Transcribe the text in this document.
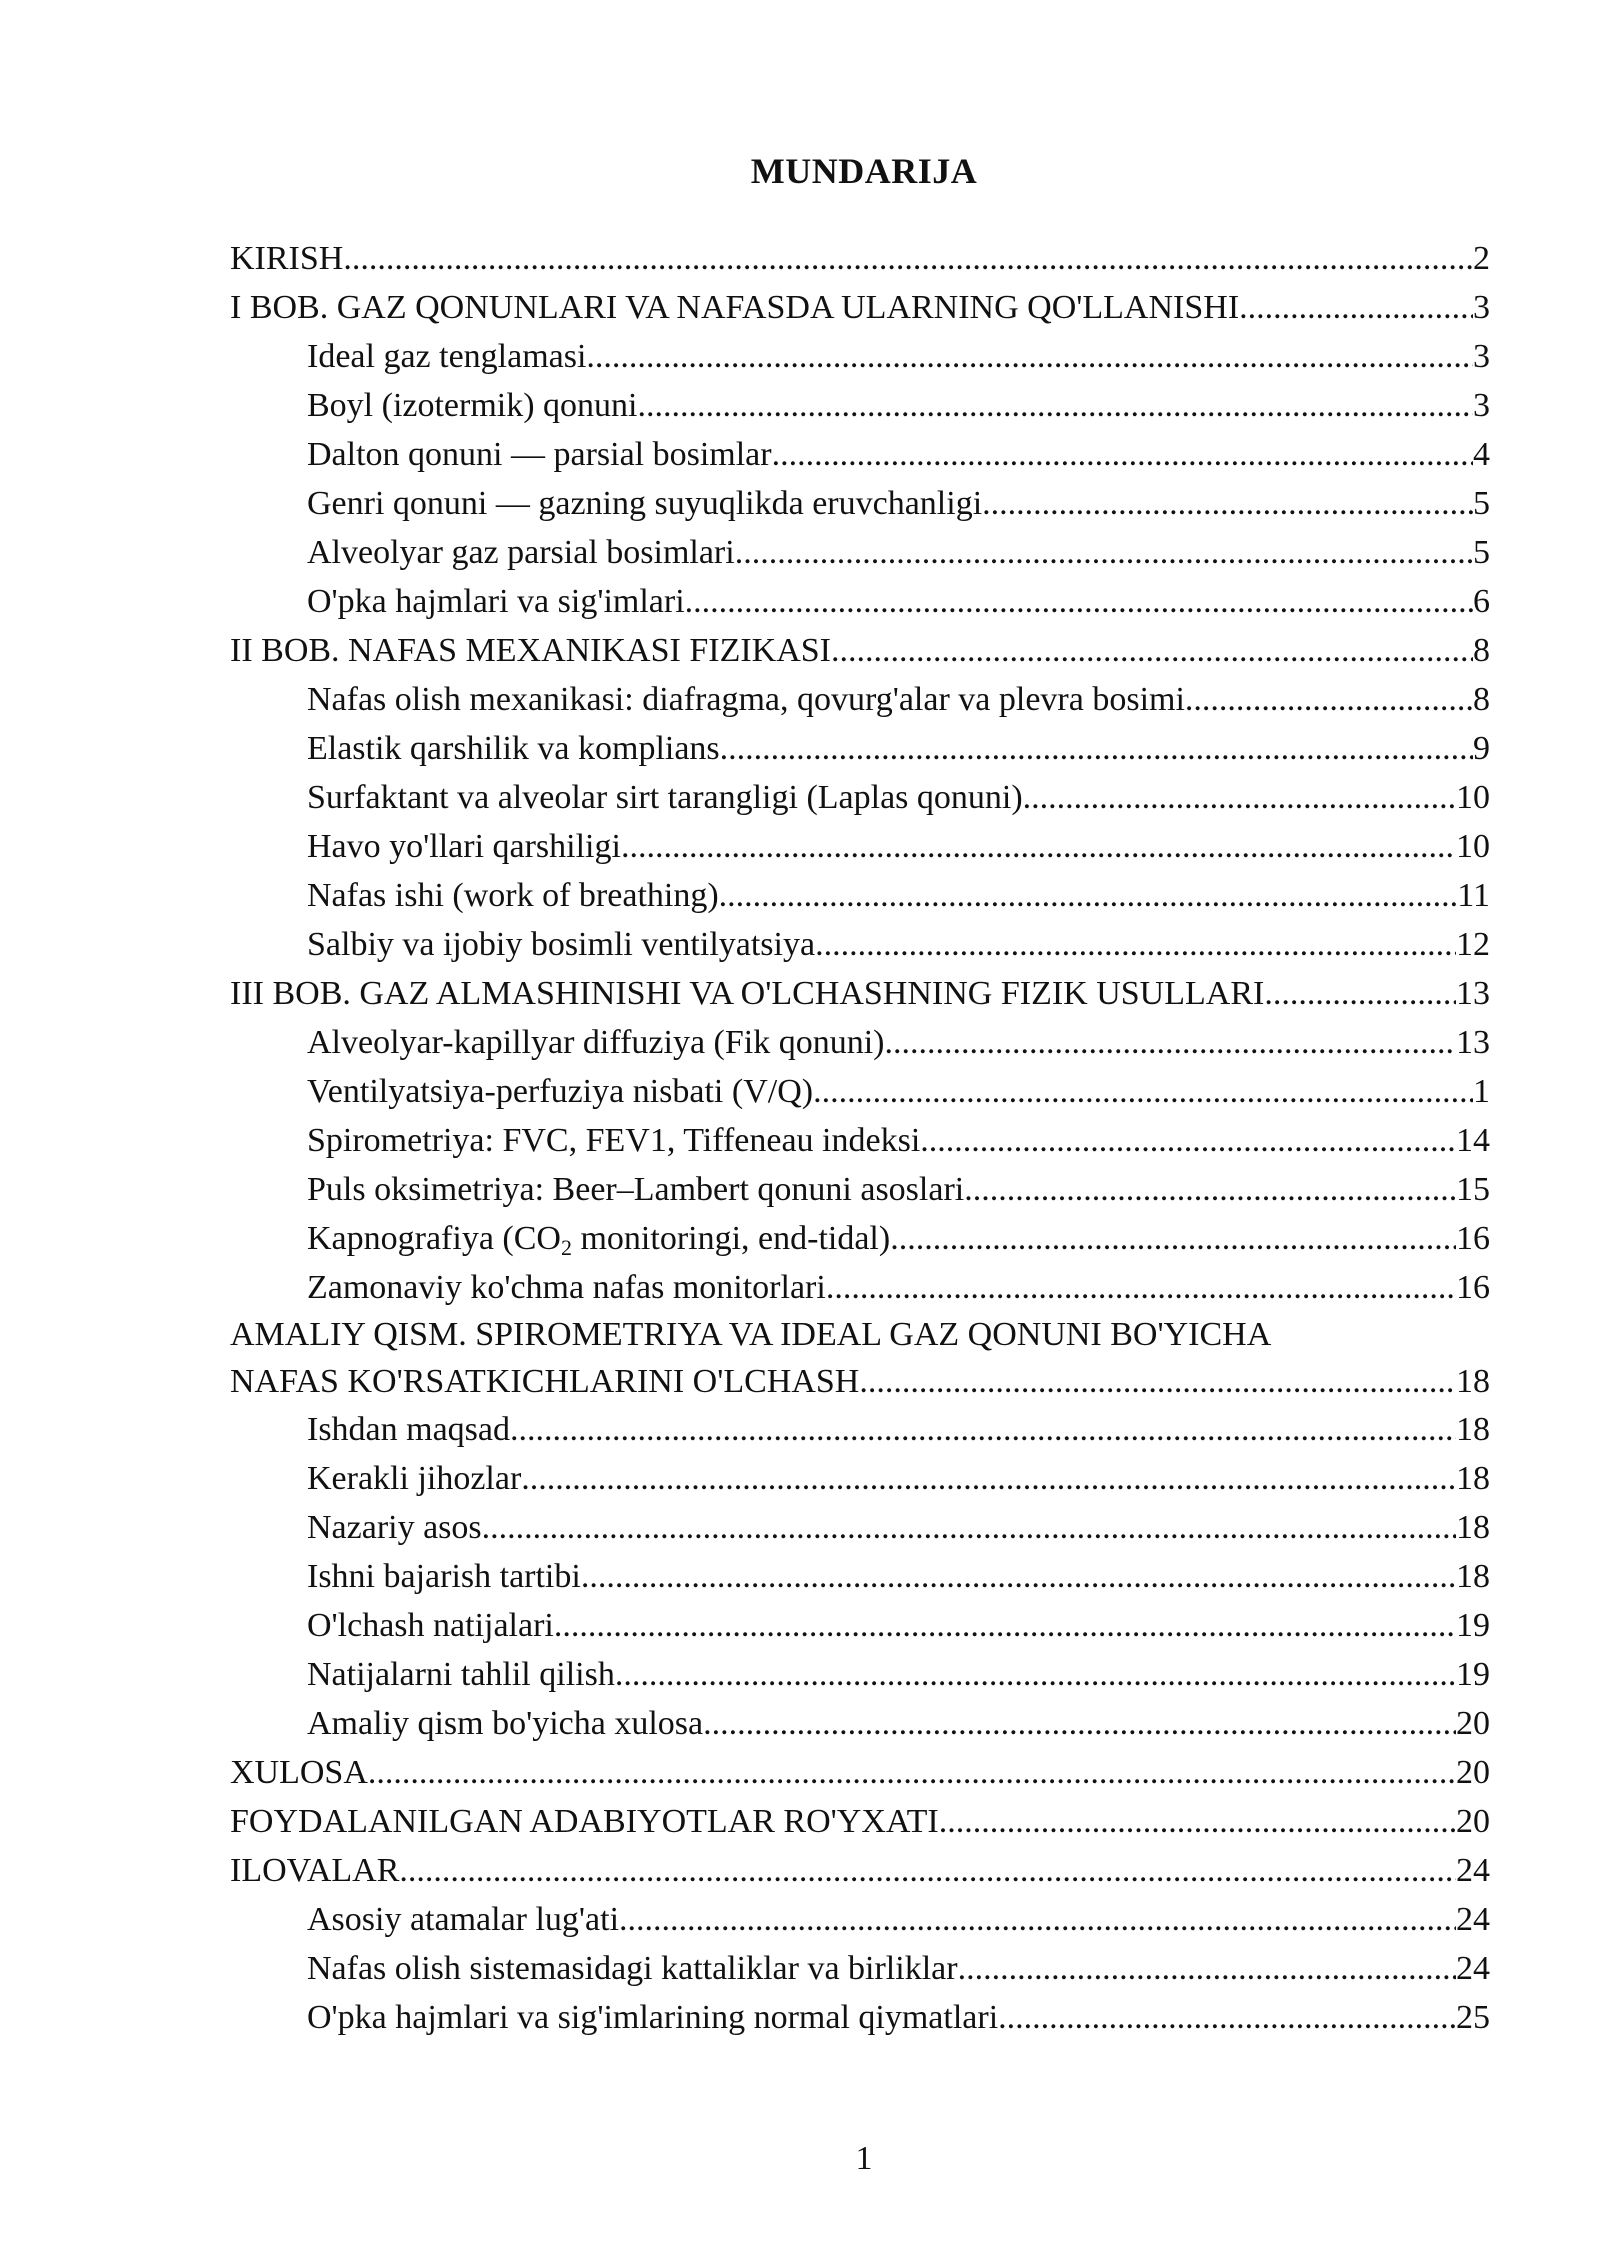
MUNDARIJA
KIRISH .....	2
I BOB. GAZ QONUNLARI VA NAFASDA ULARNING QO'LLANISHI .....	3
Ideal gaz tenglamasi .....	3
Boyl (izotermik) qonuni .....	3
Dalton qonuni — parsial bosimlar .....	4
Genri qonuni — gazning suyuqlikda eruvchanligi .....	5
Alveolyar gaz parsial bosimlari .....	5
O'pka hajmlari va sig'imlari .....	6
II BOB. NAFAS MEXANIKASI FIZIKASI .....	8
Nafas olish mexanikasi: diafragma, qovurg'alar va plevra bosimi .....	8
Elastik qarshilik va komplians .....	9
Surfaktant va alveolar sirt tarangligi (Laplas qonuni) .....	10
Havo yo'llari qarshiligi .....	10
Nafas ishi (work of breathing) .....	11
Salbiy va ijobiy bosimli ventilyatsiya .....	12
III BOB. GAZ ALMASHINISHI VA O'LCHASHNING FIZIK USULLARI .....	13
Alveolyar-kapillyar diffuziya (Fik qonuni) .....	13
Ventilyatsiya-perfuziya nisbati (V/Q) .....	1
Spirometriya: FVC, FEV1, Tiffeneau indeksi .....	14
Puls oksimetriya: Beer–Lambert qonuni asoslari .....	15
Kapnografiya ($CO_2$ monitoringi, end-tidal) .....	16
Zamonaviy ko'chma nafas monitorlari .....	16
AMALIY QISM. SPIROMETRIYA VA IDEAL GAZ QONUNI BO'YICHA
NAFAS KO'RSATKICHLARINI O'LCHASH .....	18
Ishdan maqsad .....	18
Kerakli jihozlar .....	18
Nazariy asos .....	18
Ishni bajarish tartibi .....	18
O'lchash natijalari .....	19
Natijalarni tahlil qilish .....	19
Amaliy qism bo'yicha xulosa .....	20
XULOSA .....	20
FOYDALANILGAN ADABIYOTLAR RO'YXATI .....	20
ILOVALAR .....	24
Asosiy atamalar lug'ati .....	24
Nafas olish sistemasidagi kattaliklar va birliklar .....	24
O'pka hajmlari va sig'imlarining normal qiymatlari .....	25
1
